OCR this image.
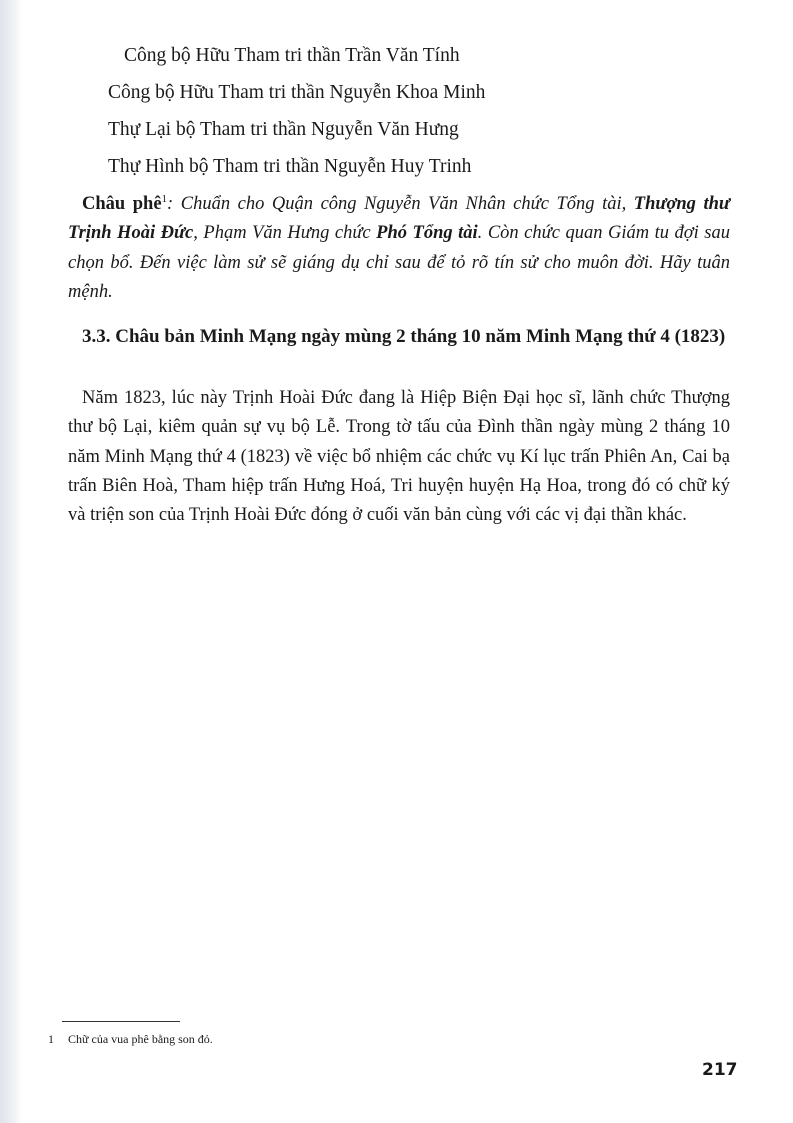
Công bộ Hữu Tham tri thần Trần Văn Tính
Công bộ Hữu Tham tri thần Nguyễn Khoa Minh
Thự Lại bộ Tham tri thần Nguyễn Văn Hưng
Thự Hình bộ Tham tri thần Nguyễn Huy Trinh
Châu phê$^1$: Chuẩn cho Quận công Nguyễn Văn Nhân chức Tổng tài, Thượng thư Trịnh Hoài Đức, Phạm Văn Hưng chức Phó Tổng tài. Còn chức quan Giám tu đợi sau chọn bổ. Đến việc làm sử sẽ giáng dụ chỉ sau để tỏ rõ tín sử cho muôn đời. Hãy tuân mệnh.
3.3. Châu bản Minh Mạng ngày mùng 2 tháng 10 năm Minh Mạng thứ 4 (1823)
Năm 1823, lúc này Trịnh Hoài Đức đang là Hiệp Biện Đại học sĩ, lãnh chức Thượng thư bộ Lại, kiêm quản sự vụ bộ Lễ. Trong tờ tấu của Đình thần ngày mùng 2 tháng 10 năm Minh Mạng thứ 4 (1823) về việc bổ nhiệm các chức vụ Kí lục trấn Phiên An, Cai bạ trấn Biên Hoà, Tham hiệp trấn Hưng Hoá, Tri huyện huyện Hạ Hoa, trong đó có chữ ký và triện son của Trịnh Hoài Đức đóng ở cuối văn bản cùng với các vị đại thần khác.
1 Chữ của vua phê bằng son đỏ.
217
